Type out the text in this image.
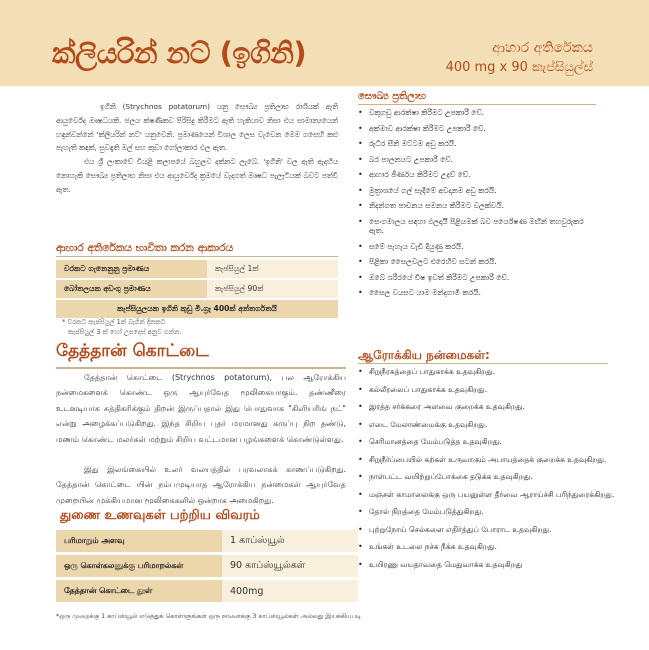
ක්ලියරින් නට් (ඉගිනි)	ආහාර අතිරේකය
400 mg x 90 කැප්සියුල්ස්

ඉගිනි (Strychnos potatorum) යනු සෞඛ්‍ය ප්‍රතිලාභ රාශියක් ඇති ආයුර්වේද ඖෂධයකි. ජලය ක්ෂණිකව පිරිසිදු කිරීමට ඇති හැකියාව නිසා එය සාමාන්‍යයෙන් හඳුන්වන්නේ 'ක්ලියරින් නට්' යනුවෙනි. ප්‍රමාණයෙන් විශාල ලෙස වැවෙන මෙම ගසෙහි කළු පැහැති කඳක්, සුවඳැති මල් සහ කුඩා ගෝලාකාර ඵල ඇත.

එය ශ්‍රී ලංකාවේ වියළි කලාපයේ බහුලව දක්නට ලැබේ. 'ඉගිනි' වල ඇති ඇදහිය නොහැකි සෞඛ්‍ය ප්‍රතිලාභ නිසා එය ආයුර්වේද ක්‍රමයේ වැදගත් ඖෂධ පැලෑටියක් බවට පත්වී ඇත.

ආහාර අතිරේකය භාවිතා කරන ආකාරය
වරකට ගැනෙනුනු ප්‍රමාණය	කැප්සියුල් 1ක්
බෝතලයක අඩංගු ප්‍රමාණය	කැප්සියුල් 90ක්
කැප්සියුලයක ඉගිනි කුඩු මි.ග්‍රෑ 400ක් අන්තර්ගතයි	
* වරකට කැප්සියුල් 1ක් බැගින් දිනකට
කැප්සියුල් 3 ක් හෝ උපදෙස් අනුව ගන්න.
සෞඛ්‍ය ප්‍රතිලාභ
• වකුගඩු ආරක්ෂා කිරීමට උපකාරී වේ.
• අක්මාව ආරක්ෂා කිරීමට උපකාරී වේ.
• රුධිර සීනි මට්ටම අඩු කරයි.
• බර පාලනයට උපකාරී වේ.
• ආහාර ජීර්ණය කිරීමට උදව් වේ.
• මුත්‍රාශයේ ගල් සෑදීමේ අවදානම අඩු කරයි.
• නිදන්ගත පාචනය සමනය කිරීමට වලක්වයි.
• සෙංගමාලය සඳහා ඵලදායී පිළියමක් බව පර්යේෂණ මඟින් තහවුරුකර ඇත.
• සමේ පැහැය වැඩි දියුණු කරයි.
• පිළිකා සෛලවලට එරෙහිව සටන් කරයි.
• ඔබේ ශරීරයේ විෂ ඉවත් කිරීමට උපකාරී වේ.
• සෛල වයසට යාම මන්දගාමී කරයි.
தேத்தான் கொட்டை

தேத்தான் கொட்டை (Strychnos potatorum), பல ஆரோக்கிய நன்மைகளைக் கொண்ட ஒரு ஆயுர்வேத மூலிகையாகும். தண்ணீரை உடனடியாக சுத்திகரிக்கும் திறன் இருப்பதால் இது பொதுவாக "கிளியரிங் நட்" என்று அழைக்கப்படுகிறது. இந்த சிறிய புதர் மரமானது கருப்பு நிற தண்டு, மணம் கொண்ட மலர்கள் மற்றும் சிறிய வட்டமான பழங்களைக் கொண்டுள்ளது.

இது இலங்கையில் உலர் வலயத்தில் பரவலாகக் காணப்படுகிறது. தேத்தான் கொட்டை யின் நம்பமுடியாத ஆரோக்கிய நன்மைகள் ஆயுர்வேத முறையின் முக்கியமான மூலிகைகளில் ஒன்றாக அமைகிறது.

துணை உணவுகள் பற்றிய விவரம்
பரிமாறும் அளவு	1 காப்ஸ்யூல்
ஒரு கொள்கலனுக்கு பரிமாறல்கள்	90 காப்ஸ்யூல்கள்
தேத்தான் கொட்டை தூள்	400mg
*ஒரு முறைக்கு 1 காப்ஸ்யூல் எடுத்துக் கொள்ளுங்கள் ஒரு நாளைக்கு 3 காப்ஸ்யூல்கள் அல்லது இயக்கியபடி
ஆரோக்கிய நன்மைகள்:
• சிறுநீரகத்தைப் பாதுகாக்க உதவுகிறது.
• கல்லீரலைப் பாதுகாக்க உதவுகிறது.
• இரத்த சர்க்கரை அளவை குறைக்க உதவுகிறது.
• எடை மேலாண்மைக்கு உதவுகிறது.
• செரிமானத்தை மேம்படுத்த உதவுகிறது.
• சிறுநீர்ப்பையில் கற்கள் உருவாகும் அபாயத்தைக் குறைக்க உதவுகிறது.
• நாள்பட்ட வயிற்றுப்போக்கை தடுக்க உதவுகிறது.
• மஞ்சள் காமாலைக்கு ஒரு பயனுள்ள தீர்வை ஆராய்ச்சி பரிந்துரைக்கிறது.
• தோல் நிறத்தை மேம்படுத்துகிறது.
• புற்றுநோய் செல்களை எதிர்த்துப் போராட உதவுகிறது.
• உங்கள் உடலை நச்சு நீக்க உதவுகிறது.
• உயிரணு வயதாவதை மெதுவாக்க உதவுகிறது
